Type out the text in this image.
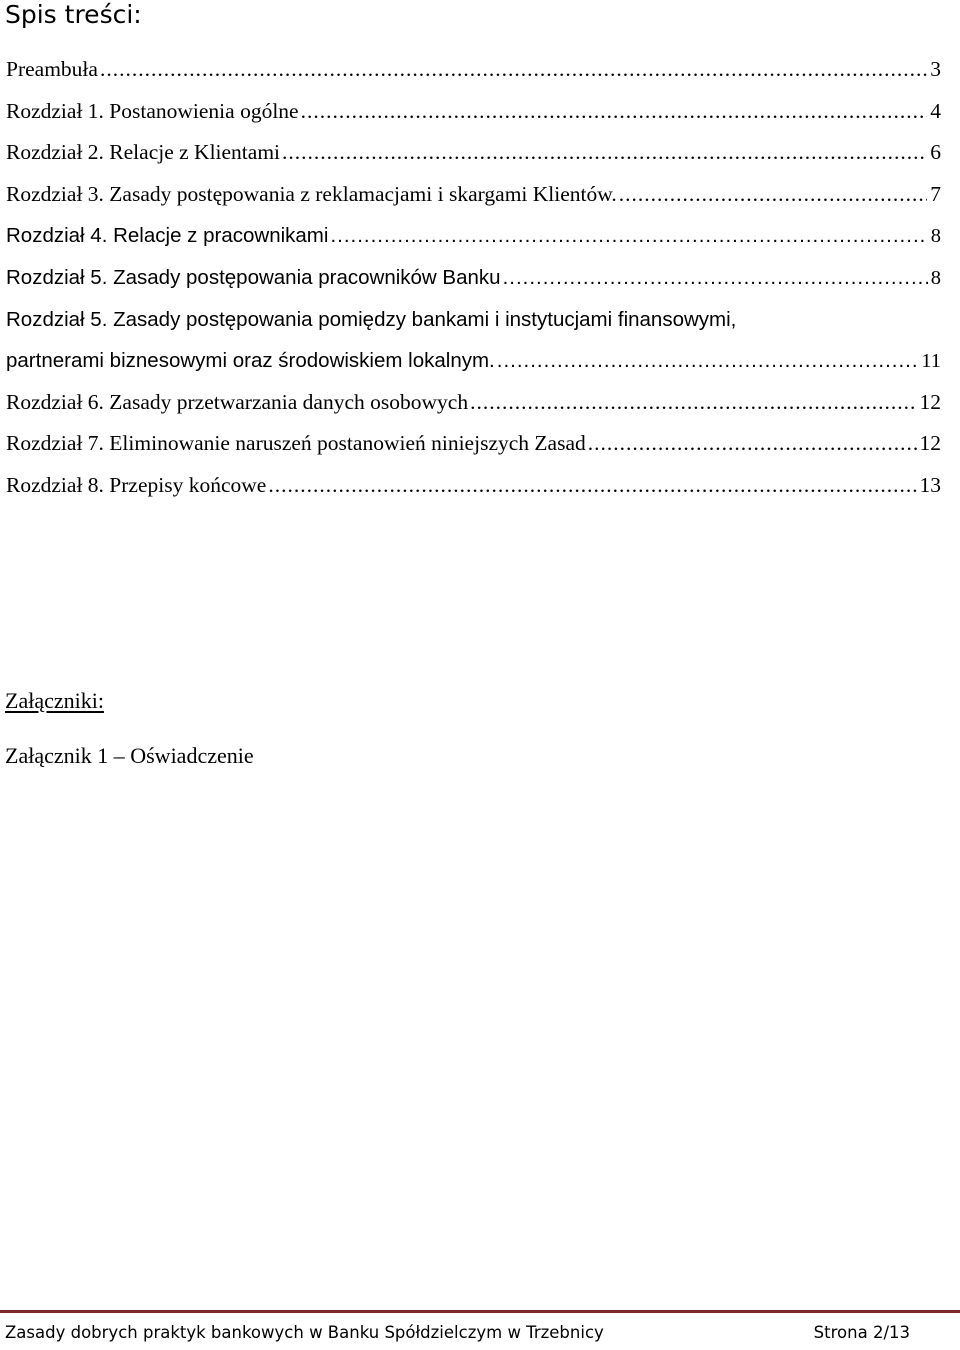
Spis treści:
Preambuła .....	3
Rozdział 1. Postanowienia ogólne .....	4
Rozdział 2. Relacje z Klientami .....	6
Rozdział 3. Zasady postępowania z reklamacjami i skargami Klientów. .....	7
Rozdział 4. Relacje z pracownikami .....	8
Rozdział 5. Zasady postępowania pracowników Banku .....	8
Rozdział 5. Zasady postępowania pomiędzy bankami i instytucjami finansowymi,
partnerami biznesowymi oraz środowiskiem lokalnym. .....	11
Rozdział 6. Zasady przetwarzania danych osobowych .....	12
Rozdział 7. Eliminowanie naruszeń postanowień niniejszych Zasad .....	12
Rozdział 8. Przepisy końcowe .....	13
Załączniki:
Załącznik 1 – Oświadczenie
Zasady dobrych praktyk bankowych w Banku Spółdzielczym w Trzebnicy	Strona 2/13
